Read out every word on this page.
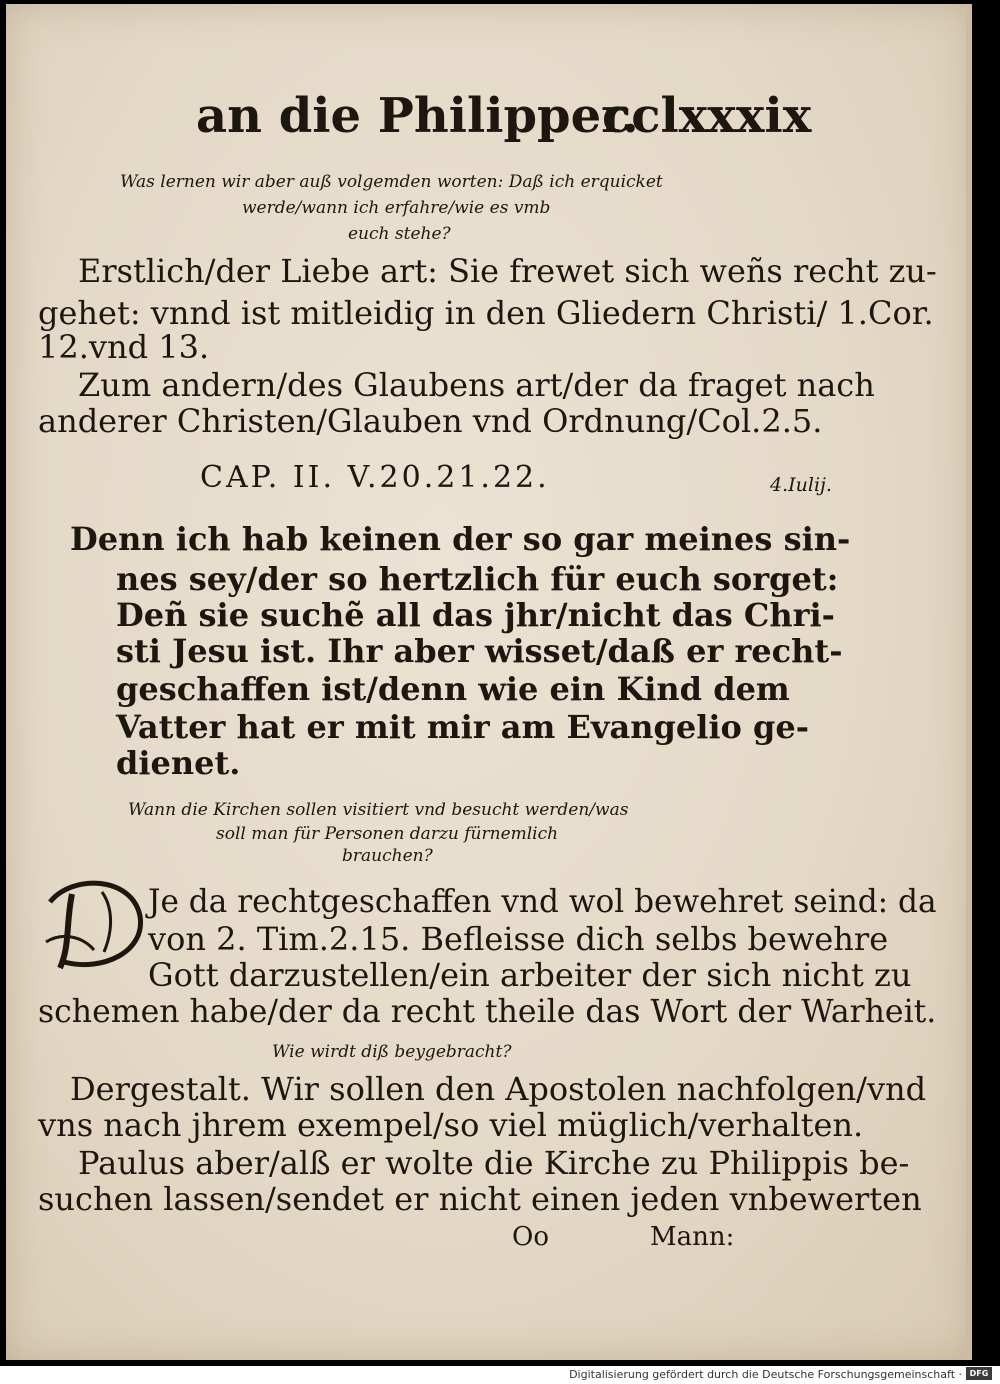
an die Philipper.
cclxxxix
Was lernen wir aber auß volgemden worten: Daß ich erquicket
werde/wann ich erfahre/wie es vmb
euch stehe?
Erstlich/der Liebe art: Sie frewet sich weñs recht zu-
gehet: vnnd ist mitleidig in den Gliedern Christi/ 1.Cor.
12.vnd 13.
Zum andern/des Glaubens art/der da fraget nach
anderer Christen/Glauben vnd Ordnung/Col.2.5.
CAP. II. V.20.21.22.	4.Iulij.
Denn ich hab keinen der so gar meines sin-
nes sey/der so hertzlich für euch sorget:
Deñ sie suchẽ all das jhr/nicht das Chri-
sti Jesu ist. Ihr aber wisset/daß er recht-
geschaffen ist/denn wie ein Kind dem
Vatter hat er mit mir am Evangelio ge-
dienet.
Wann die Kirchen sollen visitiert vnd besucht werden/was
soll man für Personen darzu fürnemlich
brauchen?
Je da rechtgeschaffen vnd wol bewehret seind: da
von 2. Tim.2.15. Befleisse dich selbs bewehre
Gott darzustellen/ein arbeiter der sich nicht zu
schemen habe/der da recht theile das Wort der Warheit.
Wie wirdt diß beygebracht?
Dergestalt. Wir sollen den Apostolen nachfolgen/vnd
vns nach jhrem exempel/so viel müglich/verhalten.
Paulus aber/alß er wolte die Kirche zu Philippis be-
suchen lassen/sendet er nicht einen jeden vnbewerten
Oo	Mann:
Digitalisierung gefördert durch die Deutsche Forschungsgemeinschaft · DFG
